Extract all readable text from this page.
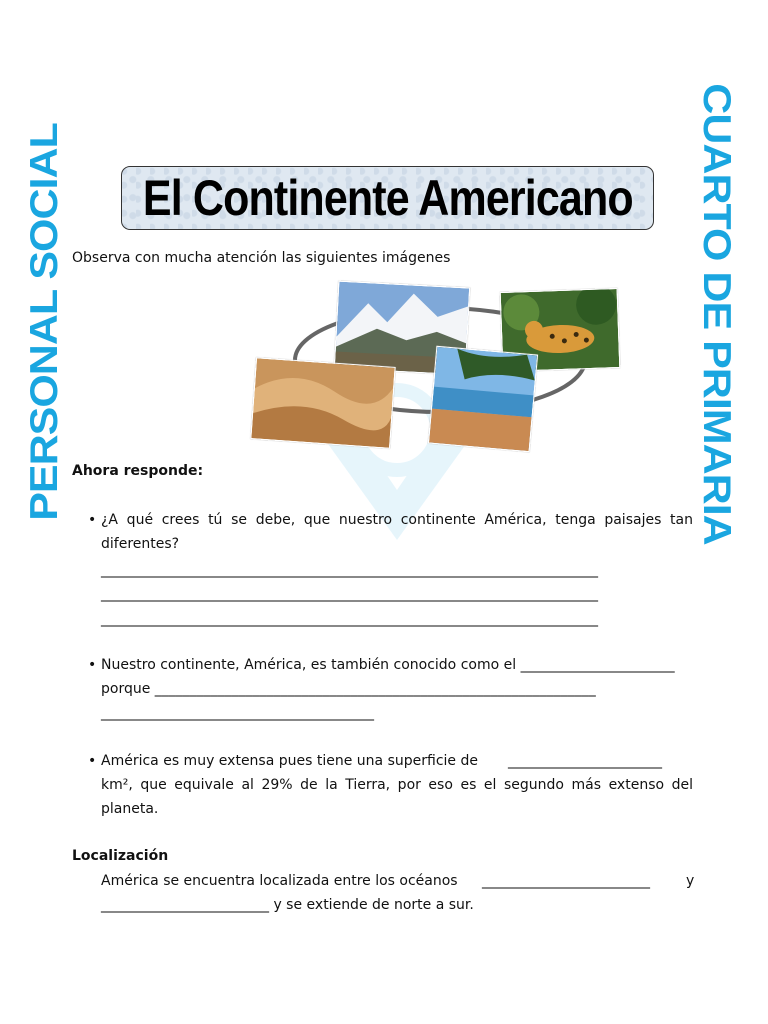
PERSONAL SOCIAL	CUARTO DE PRIMARIA
El Continente Americano
Observa con mucha atención las siguientes imágenes
Ahora responde:
• ¿A qué crees tú se debe, que nuestro continente América, tenga paisajes tan
diferentes?
_______________________________________________________________________
_______________________________________________________________________
_______________________________________________________________________
• Nuestro continente, América, es también conocido como el ______________________
porque _______________________________________________________________
_______________________________________
• América es muy extensa pues tiene una superficie de ______________________
km², que equivale al 29% de la Tierra, por eso es el segundo más extenso del
planeta.
Localización
América se encuentra localizada entre los océanos ________________________	y
________________________ y se extiende de norte a sur.
